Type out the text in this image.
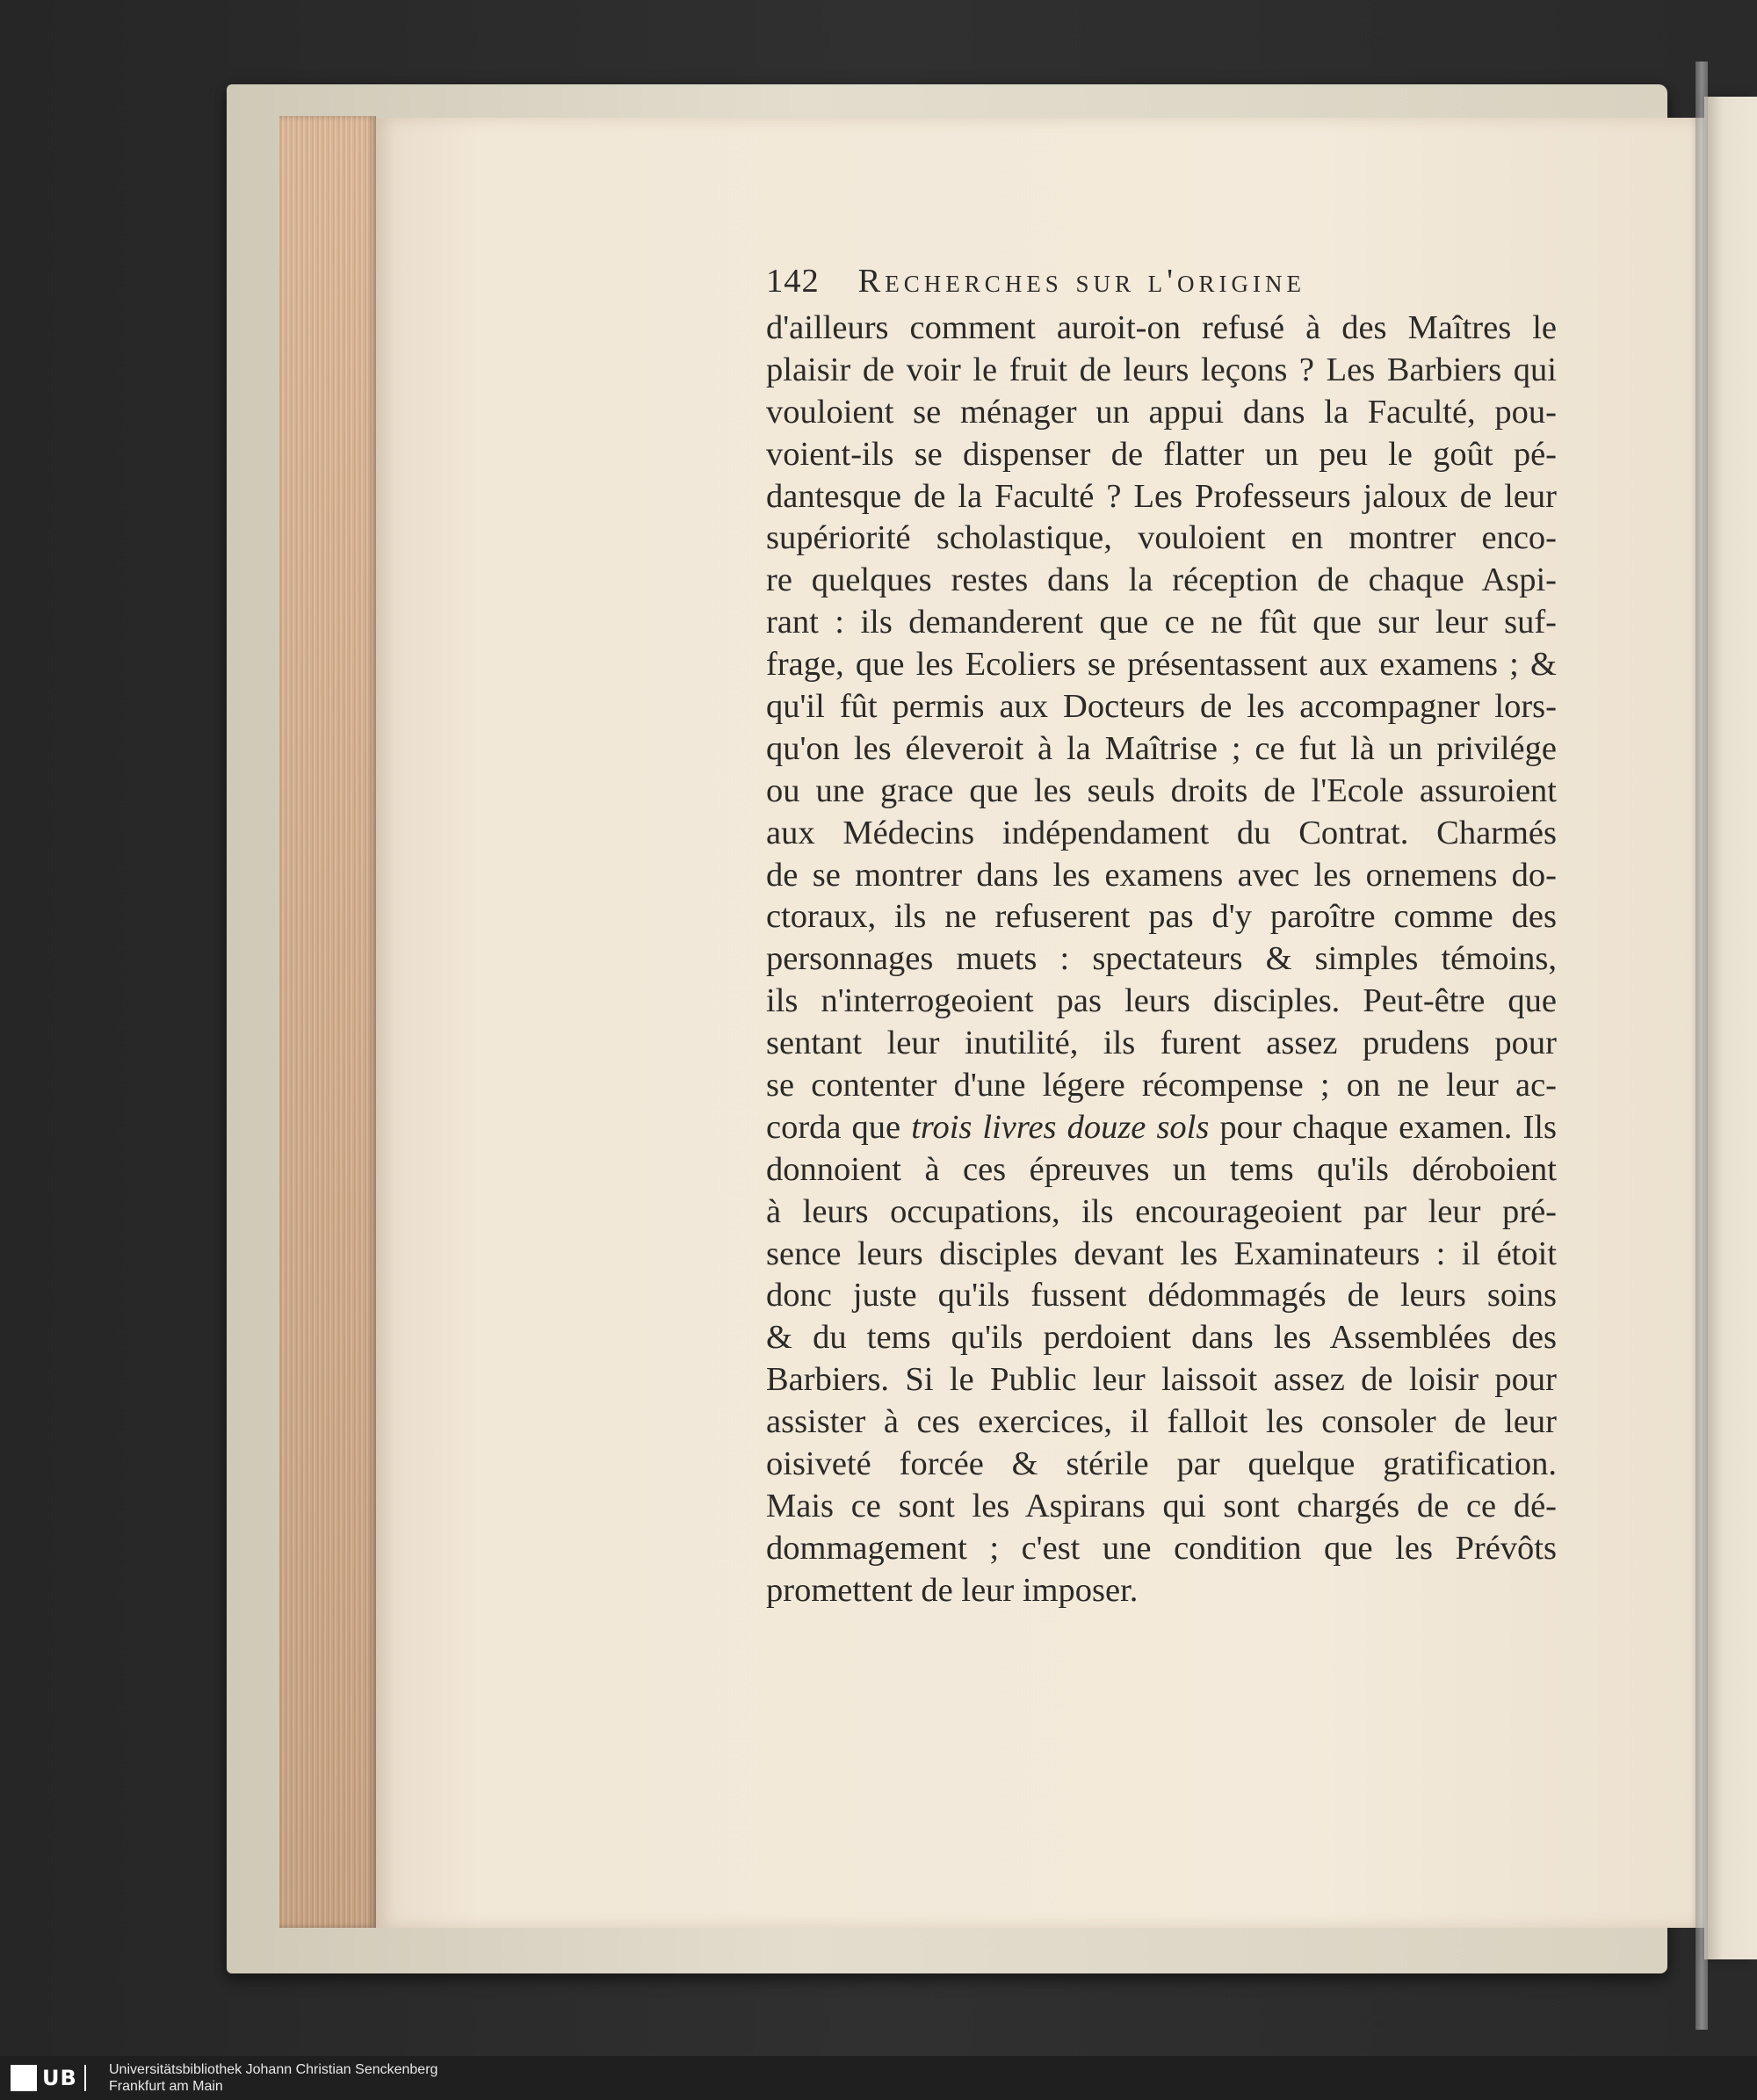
142 Recherches sur l'origine
d'ailleurs comment auroit-on refusé à des Maîtres le
plaisir de voir le fruit de leurs leçons ? Les Barbiers qui
vouloient se ménager un appui dans la Faculté, pou-
voient-ils se dispenser de flatter un peu le goût pé-
dantesque de la Faculté ? Les Professeurs jaloux de leur
supériorité scholastique, vouloient en montrer enco-
re quelques restes dans la réception de chaque Aspi-
rant : ils demanderent que ce ne fût que sur leur suf-
frage, que les Ecoliers se présentassent aux examens ; &
qu'il fût permis aux Docteurs de les accompagner lors-
qu'on les éleveroit à la Maîtrise ; ce fut là un privilége
ou une grace que les seuls droits de l'Ecole assuroient
aux Médecins indépendament du Contrat. Charmés
de se montrer dans les examens avec les ornemens do-
ctoraux, ils ne refuserent pas d'y paroître comme des
personnages muets : spectateurs & simples témoins,
ils n'interrogeoient pas leurs disciples. Peut-être que
sentant leur inutilité, ils furent assez prudens pour
se contenter d'une légere récompense ; on ne leur ac-
corda que trois livres douze sols pour chaque examen. Ils
donnoient à ces épreuves un tems qu'ils déroboient
à leurs occupations, ils encourageoient par leur pré-
sence leurs disciples devant les Examinateurs : il étoit
donc juste qu'ils fussent dédommagés de leurs soins
& du tems qu'ils perdoient dans les Assemblées des
Barbiers. Si le Public leur laissoit assez de loisir pour
assister à ces exercices, il falloit les consoler de leur
oisiveté forcée & stérile par quelque gratification.
Mais ce sont les Aspirans qui sont chargés de ce dé-
dommagement ; c'est une condition que les Prévôts
promettent de leur imposer.
UB	Universitätsbibliothek Johann Christian Senckenberg
Frankfurt am Main
